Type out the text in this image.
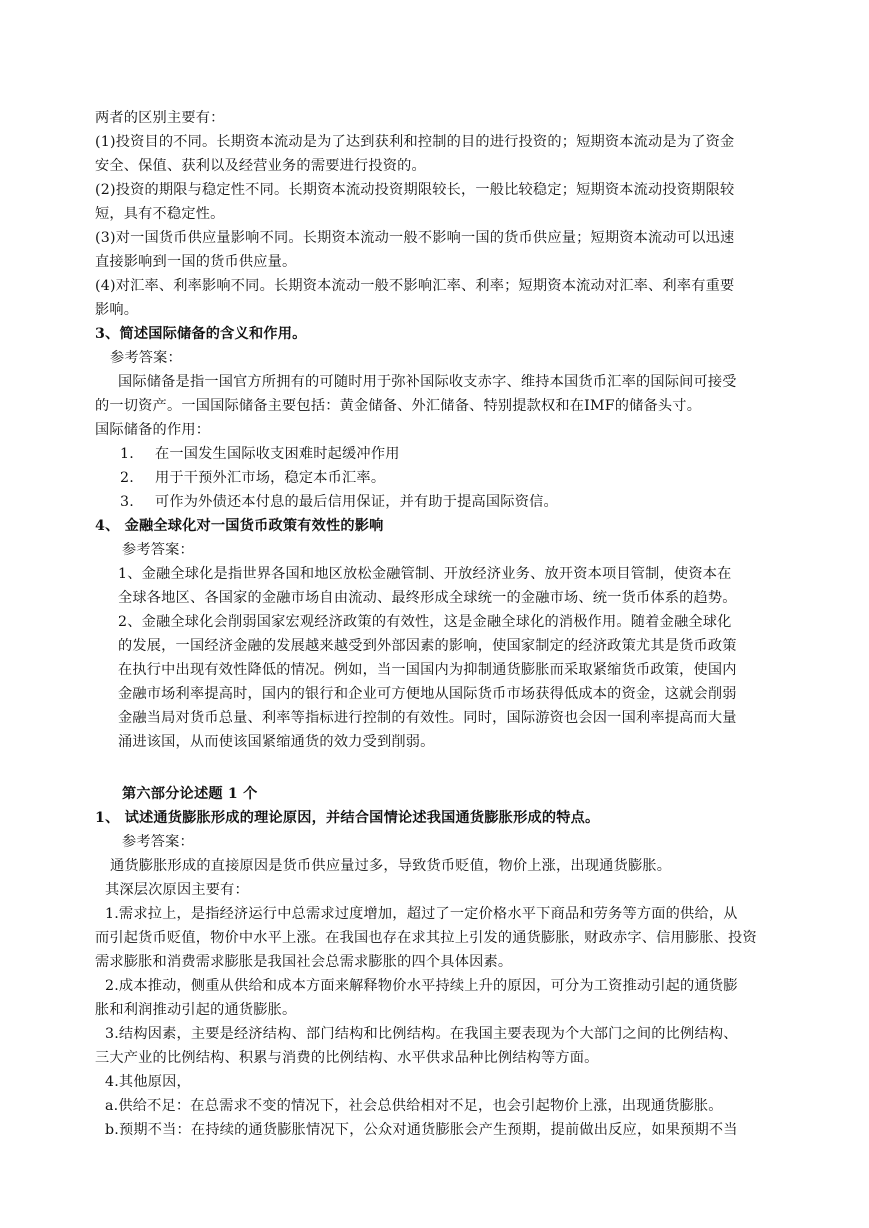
两者的区别主要有：
(1)投资目的不同。长期资本流动是为了达到获利和控制的目的进行投资的；短期资本流动是为了资金
安全、保值、获利以及经营业务的需要进行投资的。
(2)投资的期限与稳定性不同。长期资本流动投资期限较长，一般比较稳定；短期资本流动投资期限较
短，具有不稳定性。
(3)对一国货币供应量影响不同。长期资本流动一般不影响一国的货币供应量；短期资本流动可以迅速
直接影响到一国的货币供应量。
(4)对汇率、利率影响不同。长期资本流动一般不影响汇率、利率；短期资本流动对汇率、利率有重要
影响。
3、简述国际储备的含义和作用。
参考答案：
国际储备是指一国官方所拥有的可随时用于弥补国际收支赤字、维持本国货币汇率的国际间可接受
的一切资产。一国国际储备主要包括：黄金储备、外汇储备、特别提款权和在IMF的储备头寸。
国际储备的作用：
1. 在一国发生国际收支困难时起缓冲作用
2. 用于干预外汇市场，稳定本币汇率。
3. 可作为外债还本付息的最后信用保证，并有助于提高国际资信。
4、 金融全球化对一国货币政策有效性的影响
参考答案：
1、金融全球化是指世界各国和地区放松金融管制、开放经济业务、放开资本项目管制，使资本在
全球各地区、各国家的金融市场自由流动、最终形成全球统一的金融市场、统一货币体系的趋势。
2、金融全球化会削弱国家宏观经济政策的有效性，这是金融全球化的消极作用。随着金融全球化
的发展，一国经济金融的发展越来越受到外部因素的影响，使国家制定的经济政策尤其是货币政策
在执行中出现有效性降低的情况。例如，当一国国内为抑制通货膨胀而采取紧缩货币政策，使国内
金融市场利率提高时，国内的银行和企业可方便地从国际货币市场获得低成本的资金，这就会削弱
金融当局对货币总量、利率等指标进行控制的有效性。同时，国际游资也会因一国利率提高而大量
涌进该国，从而使该国紧缩通货的效力受到削弱。
第六部分论述题 1 个
1、 试述通货膨胀形成的理论原因，并结合国情论述我国通货膨胀形成的特点。
参考答案：
通货膨胀形成的直接原因是货币供应量过多，导致货币贬值，物价上涨，出现通货膨胀。
其深层次原因主要有：
1.需求拉上，是指经济运行中总需求过度增加，超过了一定价格水平下商品和劳务等方面的供给，从
而引起货币贬值，物价中水平上涨。在我国也存在求其拉上引发的通货膨胀，财政赤字、信用膨胀、投资
需求膨胀和消费需求膨胀是我国社会总需求膨胀的四个具体因素。
2.成本推动，侧重从供给和成本方面来解释物价水平持续上升的原因，可分为工资推动引起的通货膨
胀和利润推动引起的通货膨胀。
3.结构因素，主要是经济结构、部门结构和比例结构。在我国主要表现为个大部门之间的比例结构、
三大产业的比例结构、积累与消费的比例结构、水平供求品种比例结构等方面。
4.其他原因，
a.供给不足：在总需求不变的情况下，社会总供给相对不足，也会引起物价上涨，出现通货膨胀。
b.预期不当：在持续的通货膨胀情况下，公众对通货膨胀会产生预期，提前做出反应，如果预期不当
